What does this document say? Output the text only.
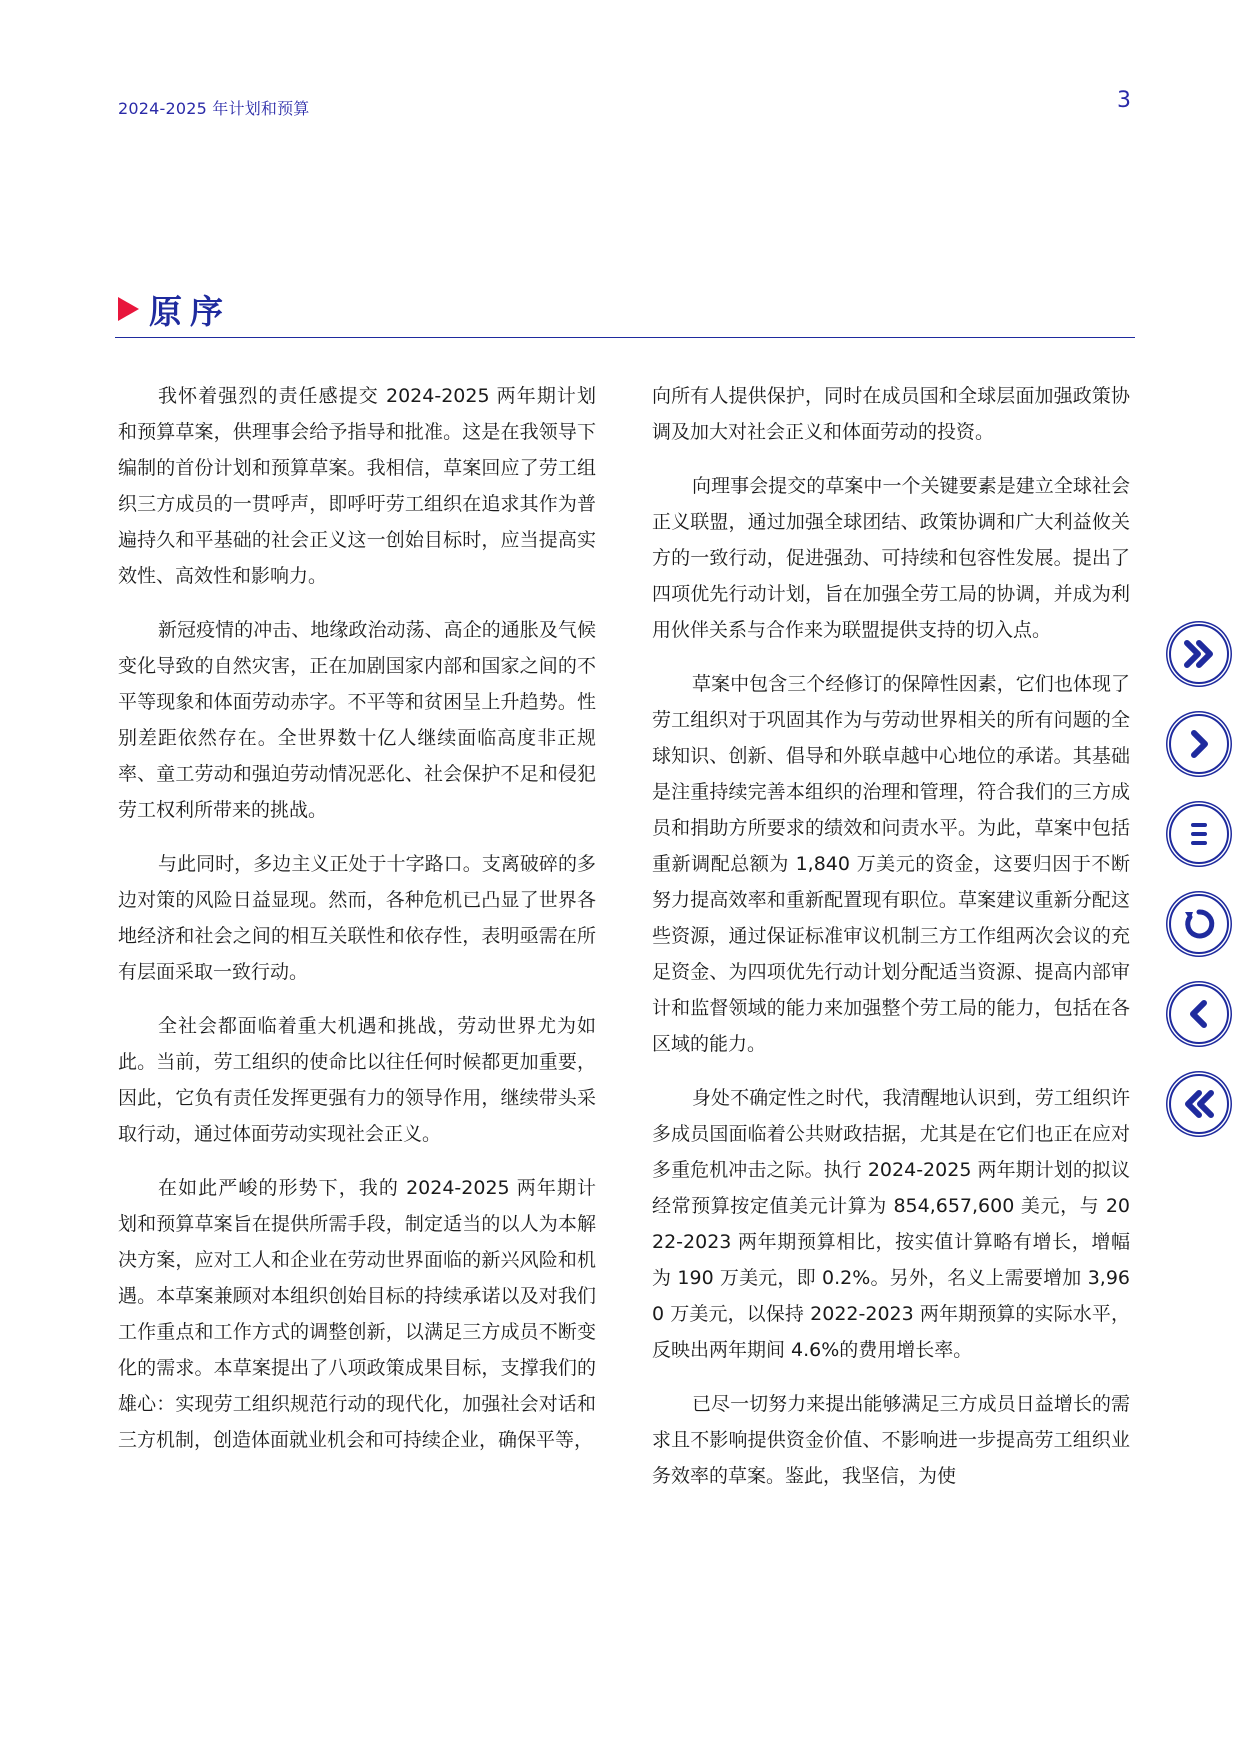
2024-2025 年计划和预算	3
原序

我怀着强烈的责任感提交 2024-2025 两年期计划和预算草案，供理事会给予指导和批准。这是在我领导下编制的首份计划和预算草案。我相信，草案回应了劳工组织三方成员的一贯呼声，即呼吁劳工组织在追求其作为普遍持久和平基础的社会正义这一创始目标时，应当提高实效性、高效性和影响力。

新冠疫情的冲击、地缘政治动荡、高企的通胀及气候变化导致的自然灾害，正在加剧国家内部和国家之间的不平等现象和体面劳动赤字。不平等和贫困呈上升趋势。性别差距依然存在。全世界数十亿人继续面临高度非正规率、童工劳动和强迫劳动情况恶化、社会保护不足和侵犯劳工权利所带来的挑战。

与此同时，多边主义正处于十字路口。支离破碎的多边对策的风险日益显现。然而，各种危机已凸显了世界各地经济和社会之间的相互关联性和依存性，表明亟需在所有层面采取一致行动。

全社会都面临着重大机遇和挑战，劳动世界尤为如此。当前，劳工组织的使命比以往任何时候都更加重要，因此，它负有责任发挥更强有力的领导作用，继续带头采取行动，通过体面劳动实现社会正义。

在如此严峻的形势下，我的 2024-2025 两年期计划和预算草案旨在提供所需手段，制定适当的以人为本解决方案，应对工人和企业在劳动世界面临的新兴风险和机遇。本草案兼顾对本组织创始目标的持续承诺以及对我们工作重点和工作方式的调整创新，以满足三方成员不断变化的需求。本草案提出了八项政策成果目标，支撑我们的雄心：实现劳工组织规范行动的现代化，加强社会对话和三方机制，创造体面就业机会和可持续企业，确保平等，

向所有人提供保护，同时在成员国和全球层面加强政策协调及加大对社会正义和体面劳动的投资。

向理事会提交的草案中一个关键要素是建立全球社会正义联盟，通过加强全球团结、政策协调和广大利益攸关方的一致行动，促进强劲、可持续和包容性发展。提出了四项优先行动计划，旨在加强全劳工局的协调，并成为利用伙伴关系与合作来为联盟提供支持的切入点。

草案中包含三个经修订的保障性因素，它们也体现了劳工组织对于巩固其作为与劳动世界相关的所有问题的全球知识、创新、倡导和外联卓越中心地位的承诺。其基础是注重持续完善本组织的治理和管理，符合我们的三方成员和捐助方所要求的绩效和问责水平。为此，草案中包括重新调配总额为 1,840 万美元的资金，这要归因于不断努力提高效率和重新配置现有职位。草案建议重新分配这些资源，通过保证标准审议机制三方工作组两次会议的充足资金、为四项优先行动计划分配适当资源、提高内部审计和监督领域的能力来加强整个劳工局的能力，包括在各区域的能力。

身处不确定性之时代，我清醒地认识到，劳工组织许多成员国面临着公共财政拮据，尤其是在它们也正在应对多重危机冲击之际。执行 2024-2025 两年期计划的拟议经常预算按定值美元计算为 854,657,600 美元，与 2022-2023 两年期预算相比，按实值计算略有增长，增幅为 190 万美元，即 0.2%。另外，名义上需要增加 3,960 万美元，以保持 2022-2023 两年期预算的实际水平，反映出两年期间 4.6%的费用增长率。

已尽一切努力来提出能够满足三方成员日益增长的需求且不影响提供资金价值、不影响进一步提高劳工组织业务效率的草案。鉴此，我坚信，为使
